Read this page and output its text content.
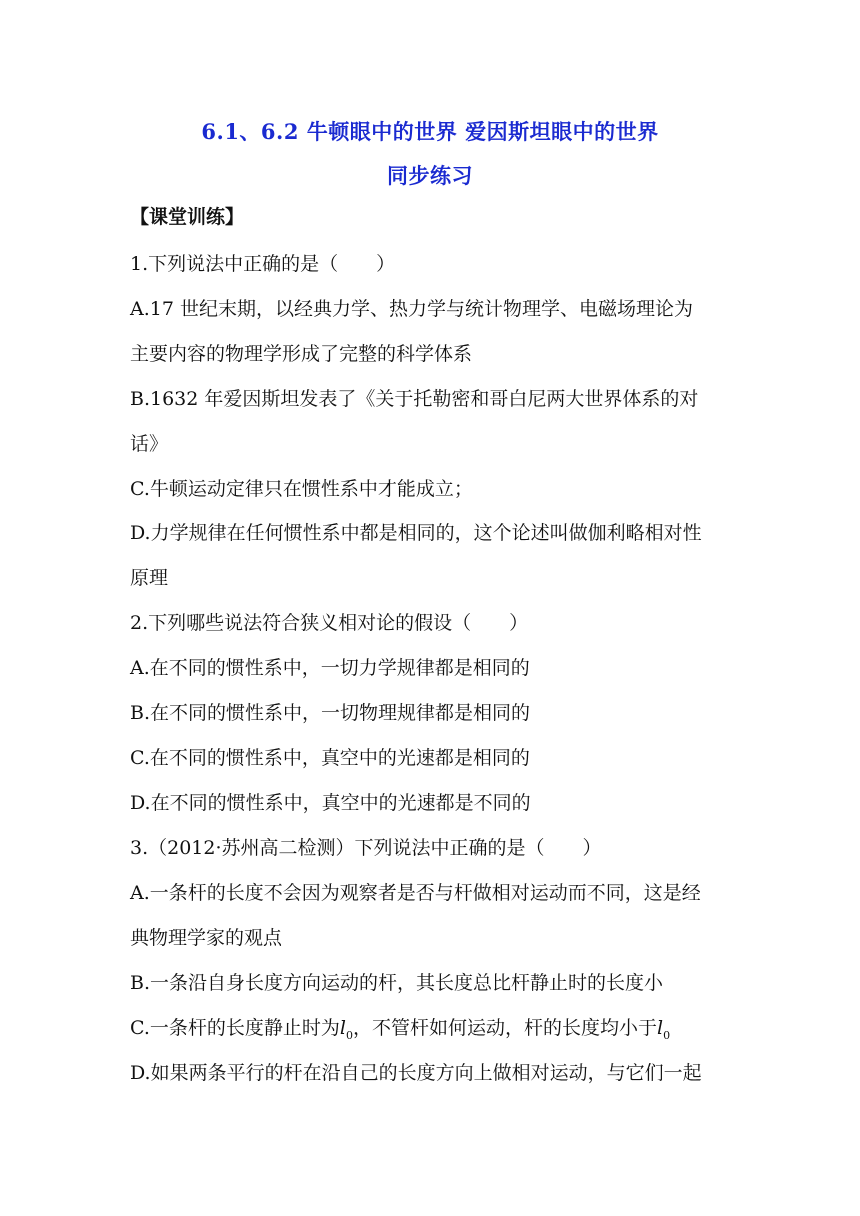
6.1、6.2 牛顿眼中的世界 爱因斯坦眼中的世界
同步练习
【课堂训练】
1.下列说法中正确的是（　　）
A.17 世纪末期，以经典力学、热力学与统计物理学、电磁场理论为
主要内容的物理学形成了完整的科学体系
B.1632 年爱因斯坦发表了《关于托勒密和哥白尼两大世界体系的对
话》
C.牛顿运动定律只在惯性系中才能成立；
D.力学规律在任何惯性系中都是相同的，这个论述叫做伽利略相对性
原理
2.下列哪些说法符合狭义相对论的假设（　　）
A.在不同的惯性系中，一切力学规律都是相同的
B.在不同的惯性系中，一切物理规律都是相同的
C.在不同的惯性系中，真空中的光速都是相同的
D.在不同的惯性系中，真空中的光速都是不同的
3.（2012·苏州高二检测）下列说法中正确的是（　　）
A.一条杆的长度不会因为观察者是否与杆做相对运动而不同，这是经
典物理学家的观点
B.一条沿自身长度方向运动的杆，其长度总比杆静止时的长度小
C.一条杆的长度静止时为$l_0$，不管杆如何运动，杆的长度均小于$l_0$
D.如果两条平行的杆在沿自己的长度方向上做相对运动，与它们一起
